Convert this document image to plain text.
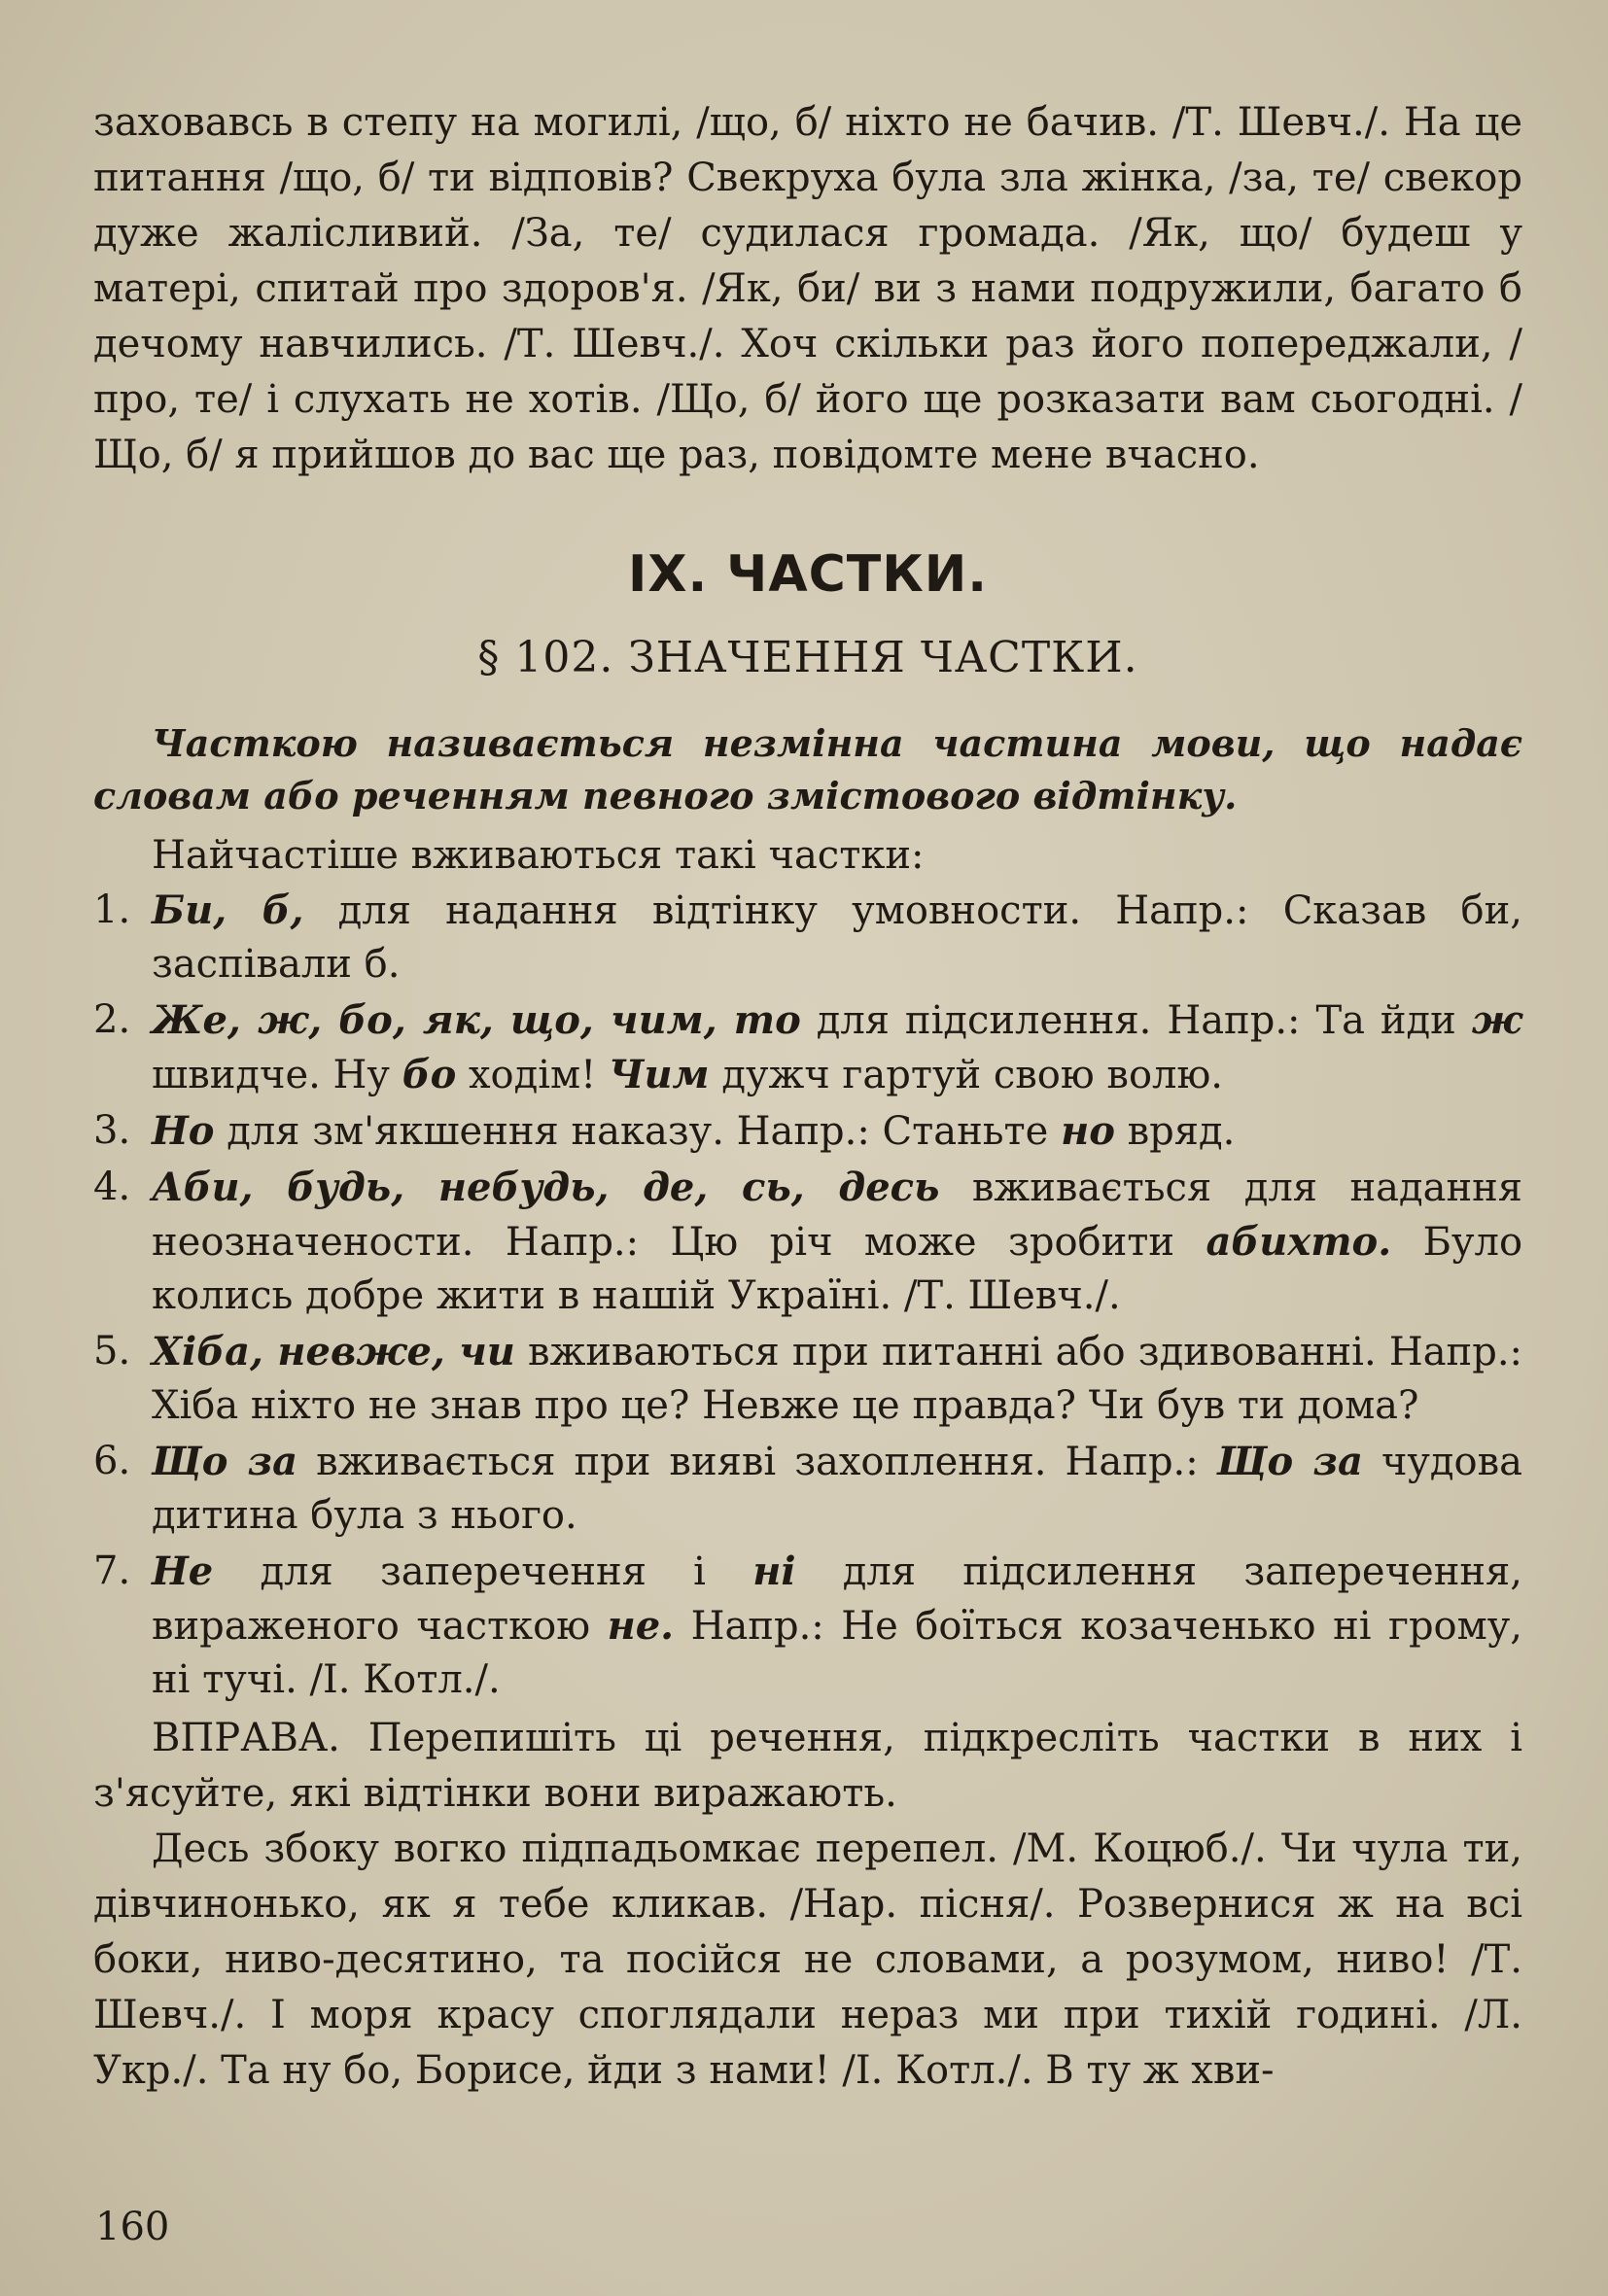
заховавсь в степу на могилі, /що, б/ ніхто не бачив. /Т. Шевч./. На це питання /що, б/ ти відповів? Свекруха була зла жінка, /за, те/ свекор дуже жалісливий. /За, те/ судилася громада. /Як, що/ будеш у матері, спитай про здоров'я. /Як, би/ ви з нами подружили, багато б дечому навчились. /Т. Шевч./. Хоч скільки раз його попереджали, /про, те/ і слухать не хотів. /Що, б/ його ще розказати вам сьогодні. /Що, б/ я прийшов до вас ще раз, повідомте мене вчасно.

IX. ЧАСТКИ.
§ 102. ЗНАЧЕННЯ ЧАСТКИ.

Часткою називається незмінна частина мови, що надає словам або реченням певного змістового відтінку.

Найчастіше вживаються такі частки:

1. Би, б, для надання відтінку умовности. Напр.: Сказав би, заспівали б.
2. Же, ж, бо, як, що, чим, то для підсилення. Напр.: Та йди ж швидче. Ну бо ходім! Чим дужч гартуй свою волю.
3. Но для зм'якшення наказу. Напр.: Станьте но вряд.
4. Аби, будь, небудь, де, сь, десь вживається для надання неозначености. Напр.: Цю річ може зробити абихто. Було колись добре жити в нашій Україні. /Т. Шевч./.
5. Хіба, невже, чи вживаються при питанні або здивованні. Напр.: Хіба ніхто не знав про це? Невже це правда? Чи був ти дома?
6. Що за вживається при вияві захоплення. Напр.: Що за чудова дитина була з нього.
7. Не для заперечення і ні для підсилення заперечення, вираженого часткою не. Напр.: Не боїться козаченько ні грому, ні тучі. /І. Котл./.

ВПРАВА. Перепишіть ці речення, підкресліть частки в них і з'ясуйте, які відтінки вони виражають.

Десь збоку вогко підпадьомкає перепел. /М. Коцюб./. Чи чула ти, дівчинонько, як я тебе кликав. /Нар. пісня/. Розвернися ж на всі боки, ниво-десятино, та посійся не словами, а розумом, ниво! /Т. Шевч./. І моря красу споглядали нераз ми при тихій годині. /Л. Укр./. Та ну бо, Борисе, йди з нами! /І. Котл./. В ту ж хви-

160
